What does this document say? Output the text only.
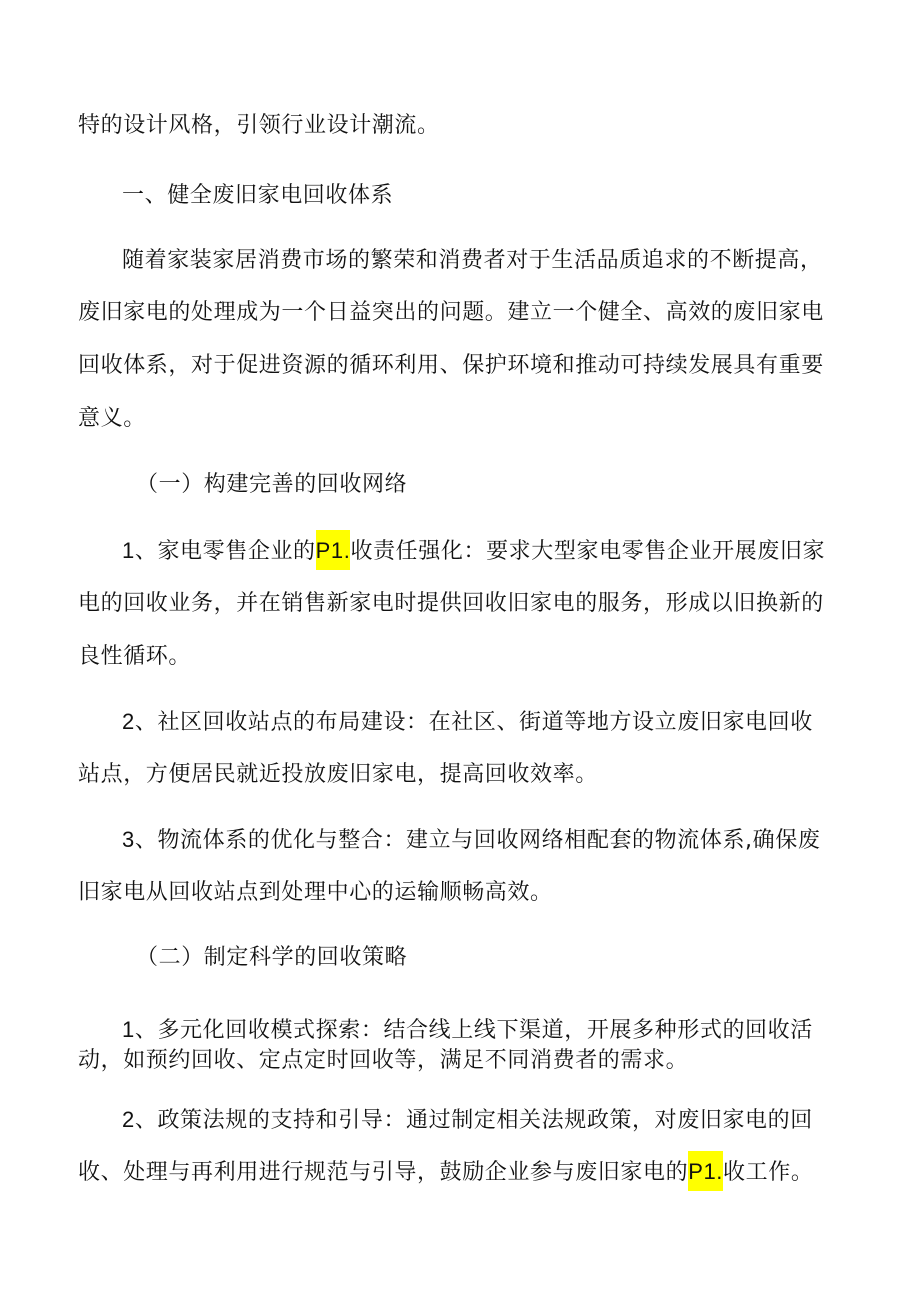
特的设计风格，引领行业设计潮流。
一、健全废旧家电回收体系
随着家装家居消费市场的繁荣和消费者对于生活品质追求的不断提高，
废旧家电的处理成为一个日益突出的问题。建立一个健全、高效的废旧家电
回收体系，对于促进资源的循环利用、保护环境和推动可持续发展具有重要
意义。
（一）构建完善的回收网络
1、家电零售企业的P1.收责任强化：要求大型家电零售企业开展废旧家
电的回收业务，并在销售新家电时提供回收旧家电的服务，形成以旧换新的
良性循环。
2、社区回收站点的布局建设：在社区、街道等地方设立废旧家电回收
站点，方便居民就近投放废旧家电，提高回收效率。
3、物流体系的优化与整合：建立与回收网络相配套的物流体系,确保废
旧家电从回收站点到处理中心的运输顺畅高效。
（二）制定科学的回收策略
1、多元化回收模式探索：结合线上线下渠道，开展多种形式的回收活
动，如预约回收、定点定时回收等，满足不同消费者的需求。
2、政策法规的支持和引导：通过制定相关法规政策，对废旧家电的回
收、处理与再利用进行规范与引导，鼓励企业参与废旧家电的P1.收工作。
